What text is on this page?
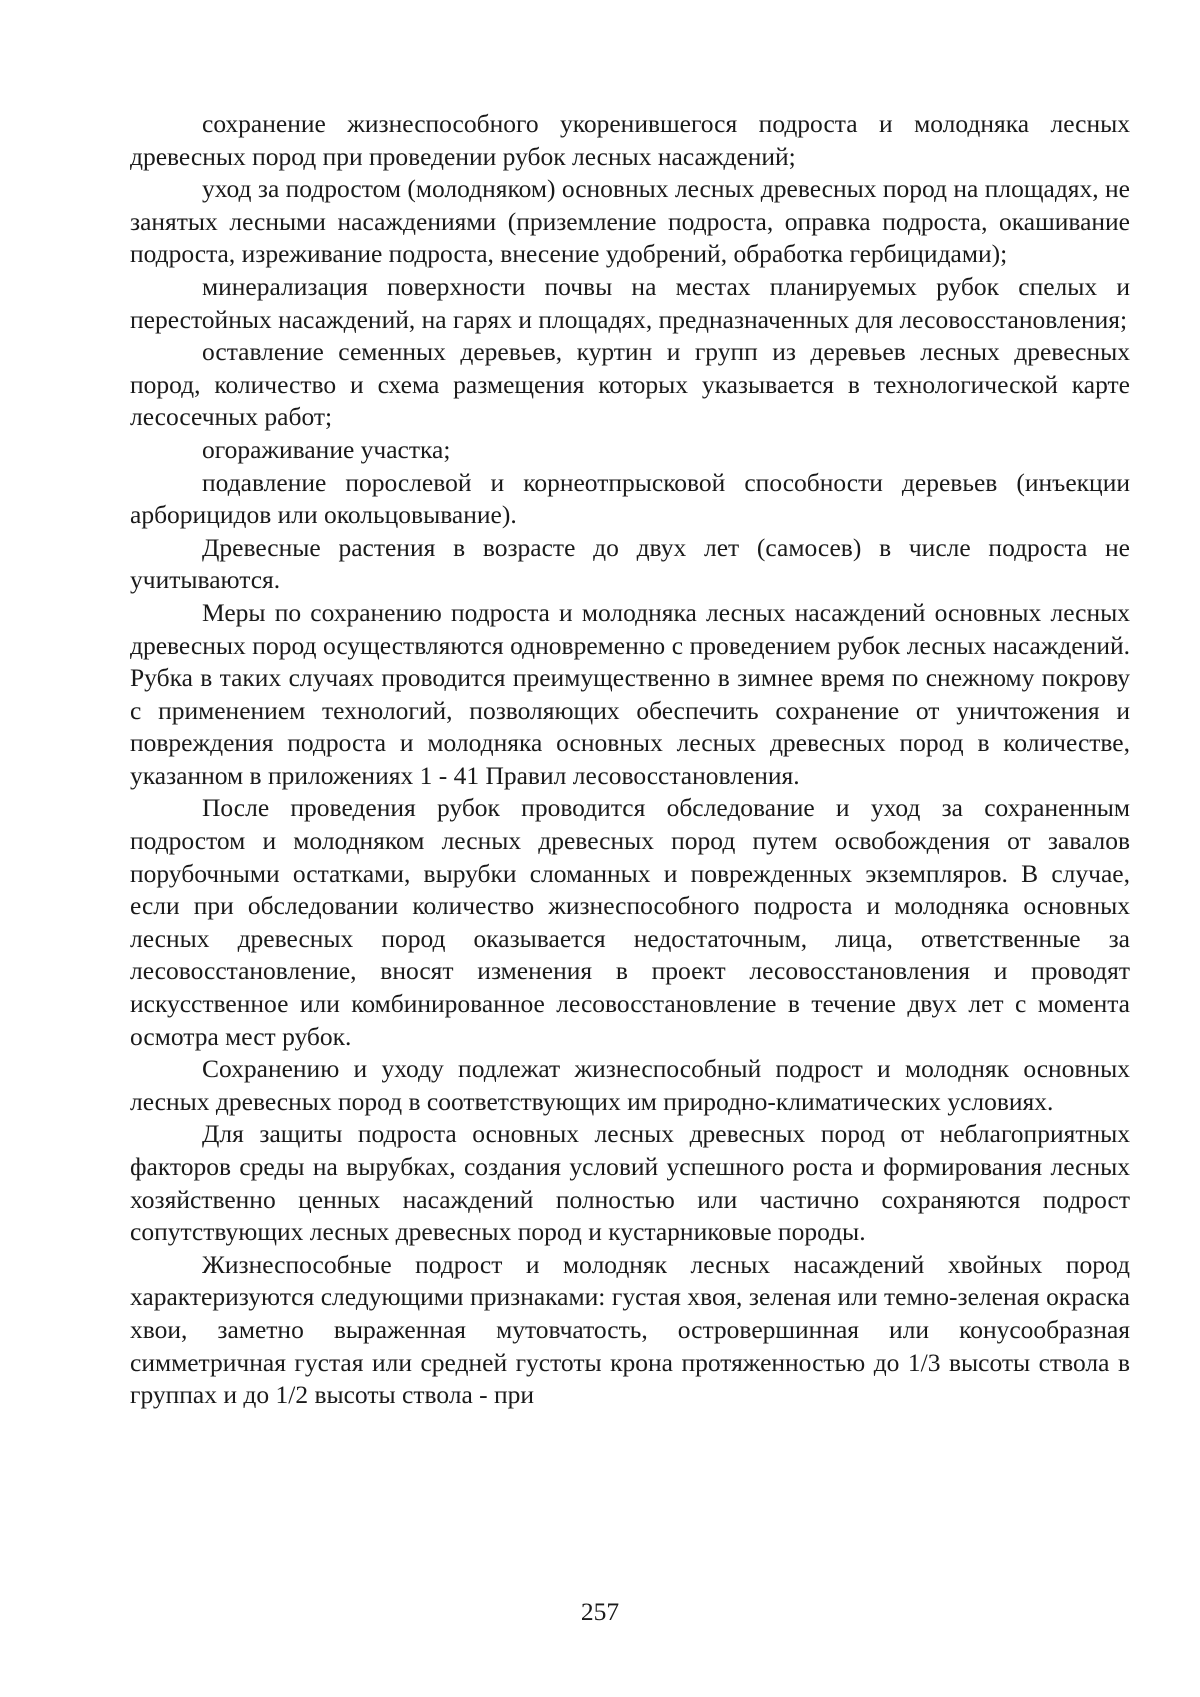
сохранение жизнеспособного укоренившегося подроста и молодняка лесных древесных пород при проведении рубок лесных насаждений;

уход за подростом (молодняком) основных лесных древесных пород на площадях, не занятых лесными насаждениями (приземление подроста, оправка подроста, окашивание подроста, изреживание подроста, внесение удобрений, обработка гербицидами);

минерализация поверхности почвы на местах планируемых рубок спелых и перестойных насаждений, на гарях и площадях, предназначенных для лесовосстановления;

оставление семенных деревьев, куртин и групп из деревьев лесных древесных пород, количество и схема размещения которых указывается в технологической карте лесосечных работ;

огораживание участка;

подавление порослевой и корнеотпрысковой способности деревьев (инъекции арборицидов или окольцовывание).

Древесные растения в возрасте до двух лет (самосев) в числе подроста не учитываются.

Меры по сохранению подроста и молодняка лесных насаждений основных лесных древесных пород осуществляются одновременно с проведением рубок лесных насаждений. Рубка в таких случаях проводится преимущественно в зимнее время по снежному покрову с применением технологий, позволяющих обеспечить сохранение от уничтожения и повреждения подроста и молодняка основных лесных древесных пород в количестве, указанном в приложениях 1 - 41 Правил лесовосстановления.

После проведения рубок проводится обследование и уход за сохраненным подростом и молодняком лесных древесных пород путем освобождения от завалов порубочными остатками, вырубки сломанных и поврежденных экземпляров. В случае, если при обследовании количество жизнеспособного подроста и молодняка основных лесных древесных пород оказывается недостаточным, лица, ответственные за лесовосстановление, вносят изменения в проект лесовосстановления и проводят искусственное или комбинированное лесовосстановление в течение двух лет с момента осмотра мест рубок.

Сохранению и уходу подлежат жизнеспособный подрост и молодняк основных лесных древесных пород в соответствующих им природно-климатических условиях.

Для защиты подроста основных лесных древесных пород от неблагоприятных факторов среды на вырубках, создания условий успешного роста и формирования лесных хозяйственно ценных насаждений полностью или частично сохраняются подрост сопутствующих лесных древесных пород и кустарниковые породы.

Жизнеспособные подрост и молодняк лесных насаждений хвойных пород характеризуются следующими признаками: густая хвоя, зеленая или темно-зеленая окраска хвои, заметно выраженная мутовчатость, островершинная или конусообразная симметричная густая или средней густоты крона протяженностью до 1/3 высоты ствола в группах и до 1/2 высоты ствола - при

257
